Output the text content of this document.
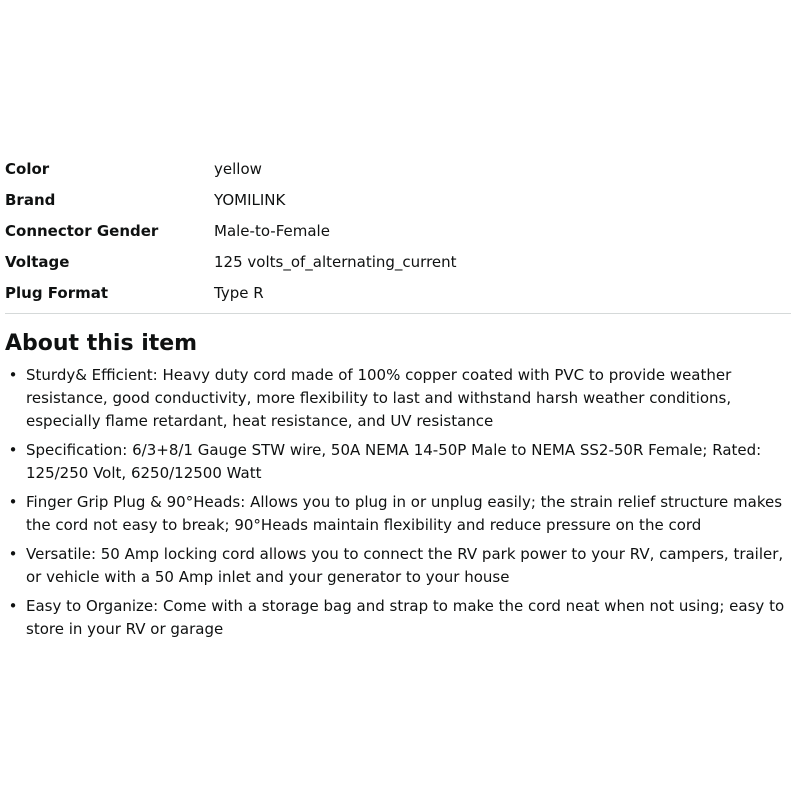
Color	yellow
Brand	YOMILINK
Connector Gender	Male-to-Female
Voltage	125 volts_of_alternating_current
Plug Format	Type R
About this item
• Sturdy& Efficient: Heavy duty cord made of 100% copper coated with PVC to provide weather resistance, good conductivity, more flexibility to last and withstand harsh weather conditions, especially flame retardant, heat resistance, and UV resistance
• Specification: 6/3+8/1 Gauge STW wire, 50A NEMA 14-50P Male to NEMA SS2-50R Female; Rated: 125/250 Volt, 6250/12500 Watt
• Finger Grip Plug & 90°Heads: Allows you to plug in or unplug easily; the strain relief structure makes the cord not easy to break; 90°Heads maintain flexibility and reduce pressure on the cord
• Versatile: 50 Amp locking cord allows you to connect the RV park power to your RV, campers, trailer, or vehicle with a 50 Amp inlet and your generator to your house
• Easy to Organize: Come with a storage bag and strap to make the cord neat when not using; easy to store in your RV or garage
